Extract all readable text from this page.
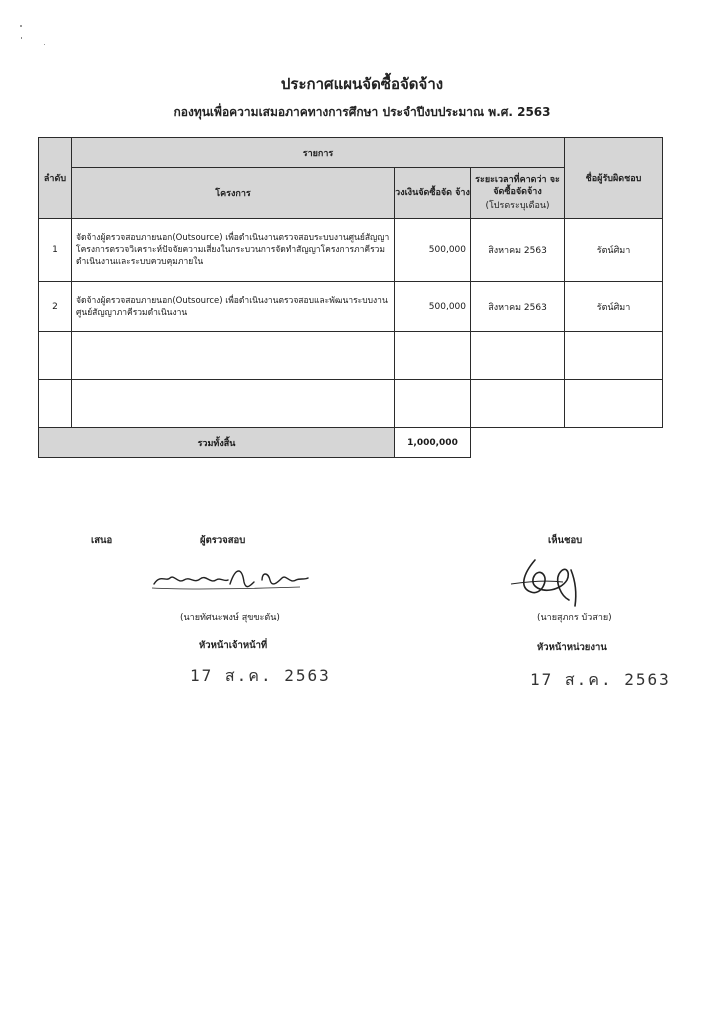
ประกาศแผนจัดซื้อจัดจ้าง
กองทุนเพื่อความเสมอภาคทางการศึกษา ประจำปีงบประมาณ พ.ศ. 2563
ลำดับ	รายการ			ชื่อผู้รับผิดชอบ
	โครงการ	วงเงินจัดซื้อจัด จ้าง	ระยะเวลาที่คาดว่า จะ จัดซื้อจัดจ้าง
(โปรดระบุเดือน)	

1	จัดจ้างผู้ตรวจสอบภายนอก(Outsource) เพื่อดำเนินงานตรวจสอบระบบงานศูนย์สัญญาโครงการตรวจวิเคราะห์ปัจจัยความเสี่ยงในกระบวนการจัดทำสัญญาโครงการภาคีรวมดำเนินงานและระบบควบคุมภายใน	500,000	สิงหาคม 2563	รัตน์ศิมา
2	จัดจ้างผู้ตรวจสอบภายนอก(Outsource) เพื่อดำเนินงานตรวจสอบและพัฒนาระบบงานศูนย์สัญญาภาคีรวมดำเนินงาน	500,000	สิงหาคม 2563	รัตน์ศิมา

รวมทั้งสิ้น		1,000,000		
เสนอ	ผู้ตรวจสอบ	เห็นชอบ
(นายทัศนะพงษ์ สุขขะตัน)	(นายสุภกร บัวสาย)
หัวหน้าเจ้าหน้าที่	หัวหน้าหน่วยงาน
17 ส.ค. 2563	17 ส.ค. 2563
